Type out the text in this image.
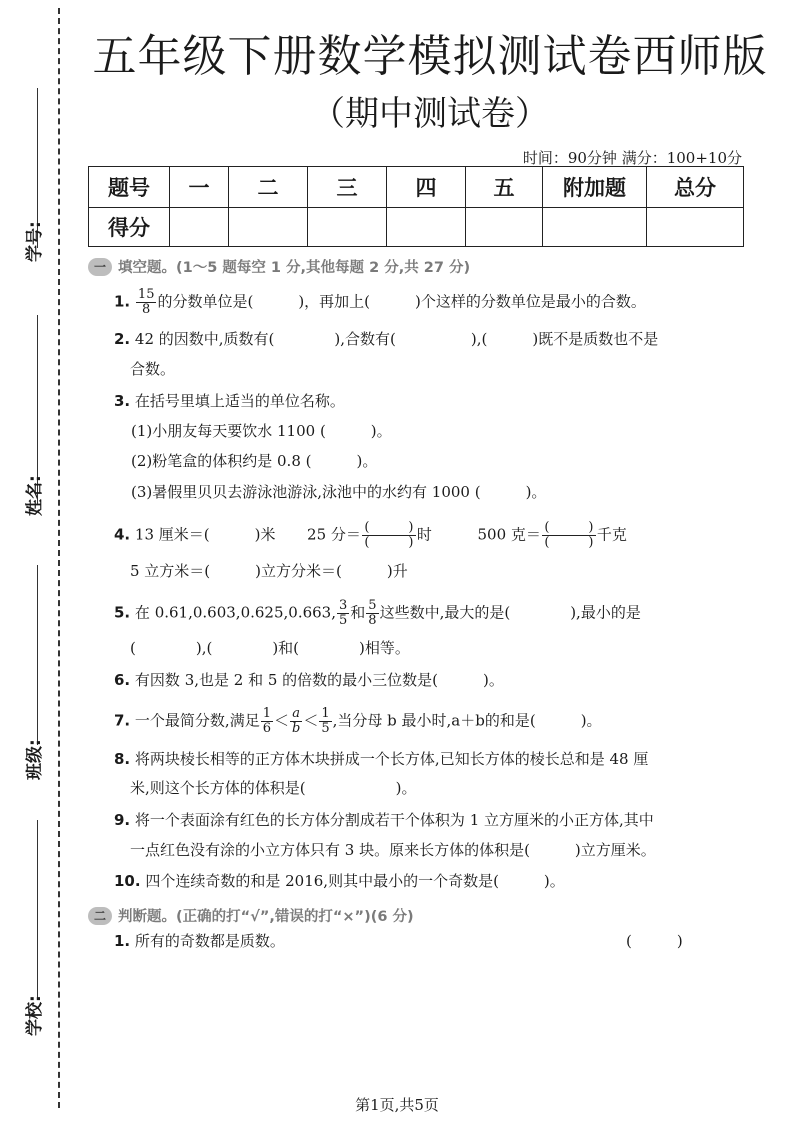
学号:
姓名:
班级:
学校:
五年级下册数学模拟测试卷西师版
（期中测试卷）
时间：90分钟 满分：100+10分
题号	一	二	三	四	五	附加题	总分
得分							
一 填空题。(1～5 题每空 1 分,其他每题 2 分,共 27 分)
1. $\frac{15}{8}$ 的分数单位是(　　　)，再加上(　　　)个这样的分数单位是最小的合数。
2. 42 的因数中,质数有(　　　　),合数有(　　　　　),(　　　)既不是质数也不是
合数。
3. 在括号里填上适当的单位名称。
(1)小朋友每天要饮水 1100 (　　　)。
(2)粉笔盒的体积约是 0.8 (　　　)。
(3)暑假里贝贝去游泳池游泳,泳池中的水约有 1000 (　　　)。
4. 13 厘米＝(　　　)米 25 分＝ $\frac{( )}{( )}$ 时	500 克＝ $\frac{( )}{( )}$ 千克
5 立方米＝(　　　)立方分米＝(　　　)升
5. 在 0.61,0.603,0.625,0.663, $\frac{3}{5}$ 和 $\frac{5}{8}$ 这些数中,最大的是(　　　　),最小的是
(　　　　),(　　　　)和(　　　　)相等。
6. 有因数 3,也是 2 和 5 的倍数的最小三位数是(　　　)。
7. 一个最简分数,满足 $\frac{1}{6} < \frac{a}{b} < \frac{1}{5}$ ,当分母 b 最小时,a＋b的和是(　　　)。
8. 将两块棱长相等的正方体木块拼成一个长方体,已知长方体的棱长总和是 48 厘
米,则这个长方体的体积是(　　　　　　)。
9. 将一个表面涂有红色的长方体分割成若干个体积为 1 立方厘米的小正方体,其中
一点红色没有涂的小立方体只有 3 块。原来长方体的体积是(　　　)立方厘米。
10. 四个连续奇数的和是 2016,则其中最小的一个奇数是(　　　)。
二 判断题。(正确的打“√”,错误的打“×”)(6 分)
1. 所有的奇数都是质数。	(　　　)
第1页,共5页
